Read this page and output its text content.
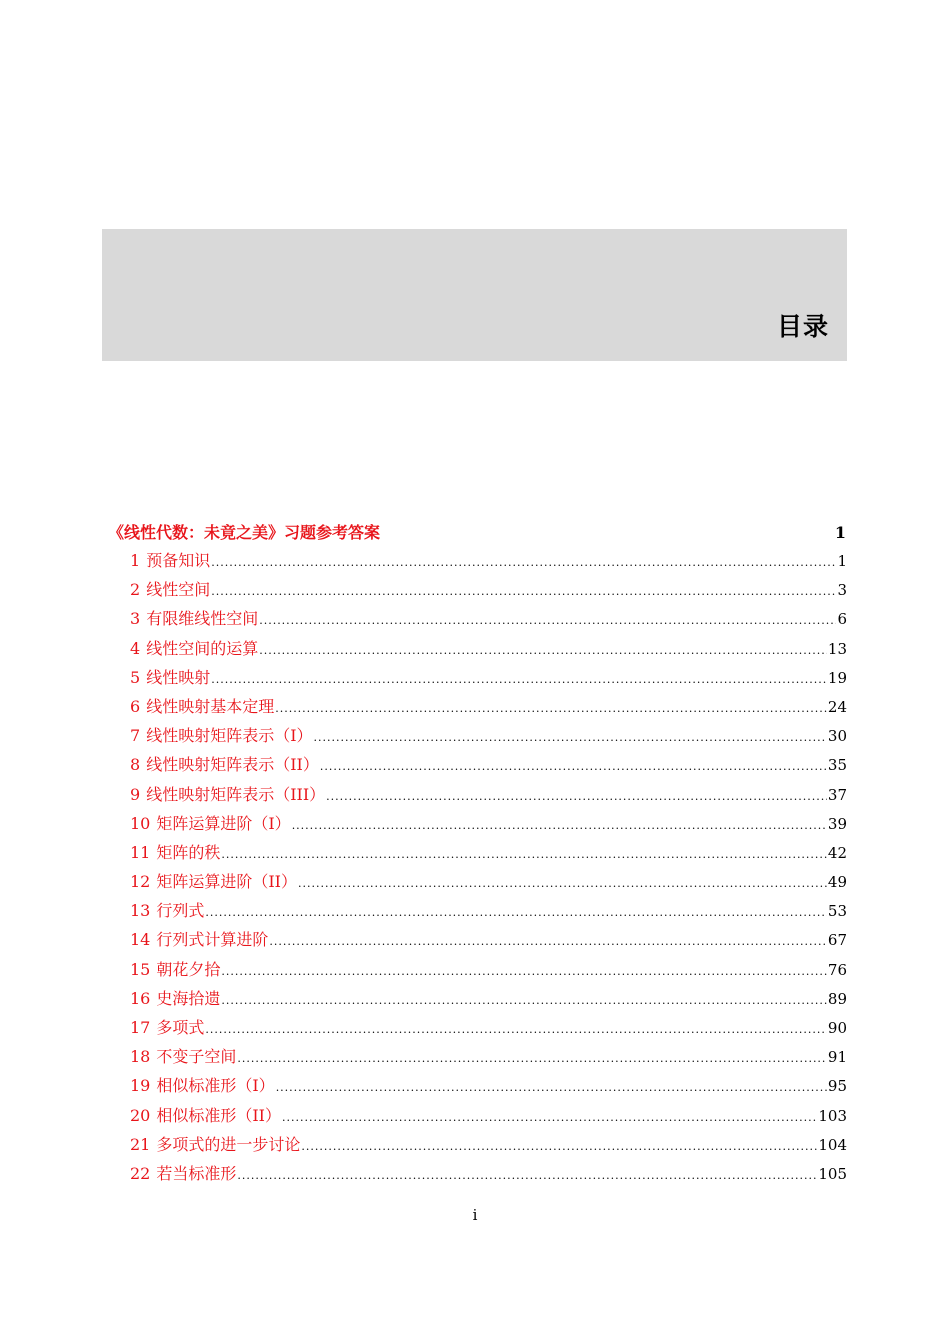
目录
《线性代数：未竟之美》习题参考答案	1
1 预备知识 .....	1
2 线性空间 .....	3
3 有限维线性空间 .....	6
4 线性空间的运算 .....	13
5 线性映射 .....	19
6 线性映射基本定理 .....	24
7 线性映射矩阵表示（I） .....	30
8 线性映射矩阵表示（II） .....	35
9 线性映射矩阵表示（III） .....	37
10 矩阵运算进阶（I） .....	39
11 矩阵的秩 .....	42
12 矩阵运算进阶（II） .....	49
13 行列式 .....	53
14 行列式计算进阶 .....	67
15 朝花夕拾 .....	76
16 史海拾遗 .....	89
17 多项式 .....	90
18 不变子空间 .....	91
19 相似标准形（I） .....	95
20 相似标准形（II） .....	103
21 多项式的进一步讨论 .....	104
22 若当标准形 .....	105
i
